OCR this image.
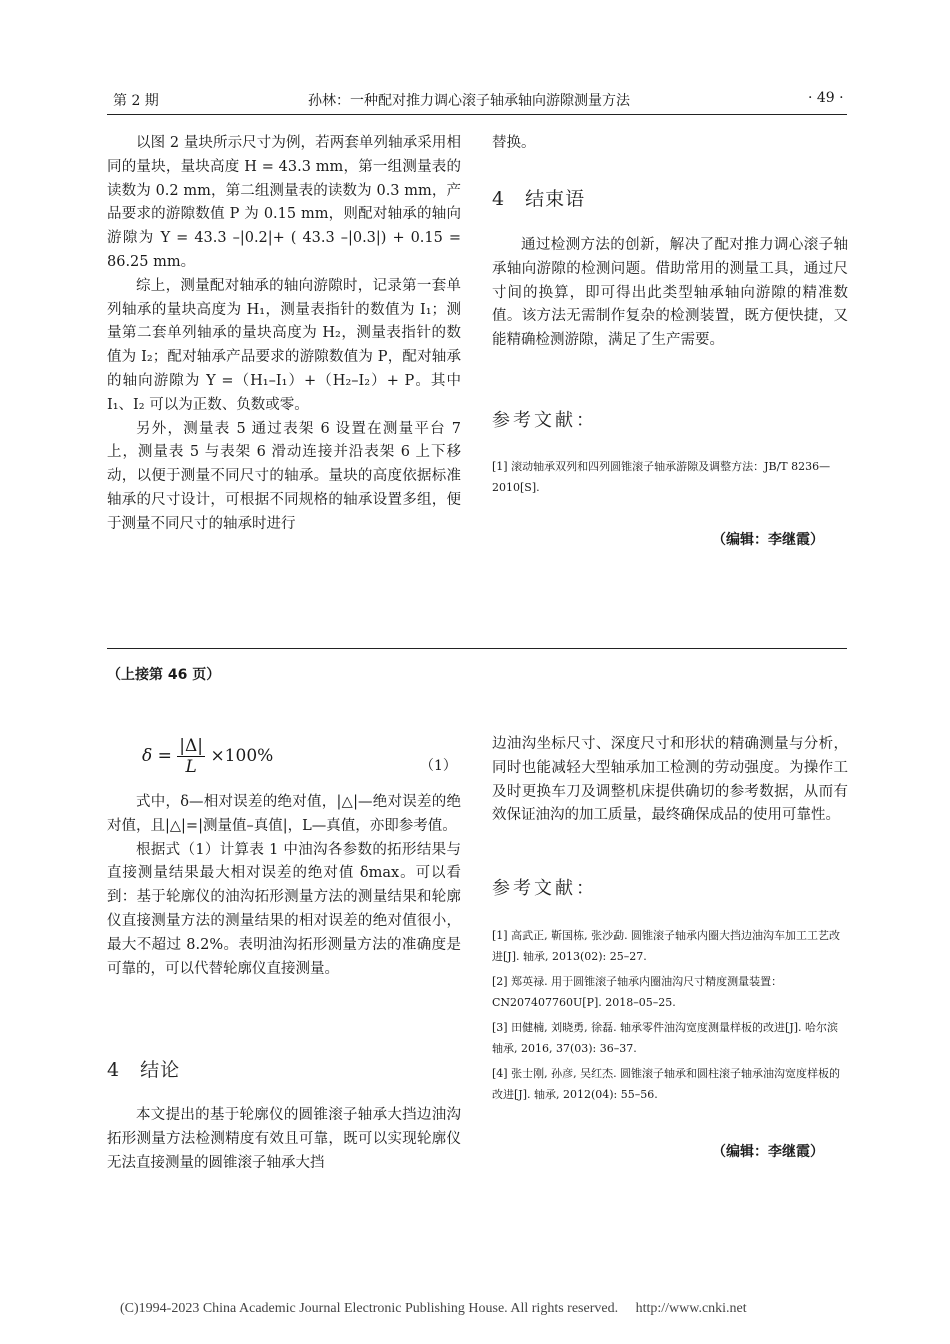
第 2 期	孙林：一种配对推力调心滚子轴承轴向游隙测量方法	· 49 ·

以图 2 量块所示尺寸为例，若两套单列轴承采用相同的量块，量块高度 H = 43.3 mm，第一组测量表的读数为 0.2 mm，第二组测量表的读数为 0.3 mm，产品要求的游隙数值 P 为 0.15 mm，则配对轴承的轴向游隙为 Y = 43.3 –|0.2|+ ( 43.3 –|0.3|) + 0.15 = 86.25 mm。

综上，测量配对轴承的轴向游隙时，记录第一套单列轴承的量块高度为 H₁，测量表指针的数值为 I₁；测量第二套单列轴承的量块高度为 H₂，测量表指针的数值为 I₂；配对轴承产品要求的游隙数值为 P，配对轴承的轴向游隙为 Y =（H₁–I₁）+（H₂–I₂）+ P。其中 I₁、I₂ 可以为正数、负数或零。

另外，测量表 5 通过表架 6 设置在测量平台 7 上，测量表 5 与表架 6 滑动连接并沿表架 6 上下移动，以便于测量不同尺寸的轴承。量块的高度依据标准轴承的尺寸设计，可根据不同规格的轴承设置多组，便于测量不同尺寸的轴承时进行

替换。
4　结束语

通过检测方法的创新，解决了配对推力调心滚子轴承轴向游隙的检测问题。借助常用的测量工具，通过尺寸间的换算，即可得出此类型轴承轴向游隙的精准数值。该方法无需制作复杂的检测装置，既方便快捷，又能精确检测游隙，满足了生产需要。

参考文献：

[1] 滚动轴承双列和四列圆锥滚子轴承游隙及调整方法：JB/T 8236—2010[S].

（编辑：李继霞）
（上接第 46 页）
$\delta = \frac{|\Delta|}{L} \times 100\%$	（1）

式中，δ—相对误差的绝对值，|△|—绝对误差的绝对值，且|△|=|测量值–真值|，L—真值，亦即参考值。

根据式（1）计算表 1 中油沟各参数的拓形结果与直接测量结果最大相对误差的绝对值 δmax。可以看到：基于轮廓仪的油沟拓形测量方法的测量结果和轮廓仪直接测量方法的测量结果的相对误差的绝对值很小，最大不超过 8.2%。表明油沟拓形测量方法的准确度是可靠的，可以代替轮廓仪直接测量。

4　结论

本文提出的基于轮廓仪的圆锥滚子轴承大挡边油沟拓形测量方法检测精度有效且可靠，既可以实现轮廓仪无法直接测量的圆锥滚子轴承大挡

边油沟坐标尺寸、深度尺寸和形状的精确测量与分析，同时也能减轻大型轴承加工检测的劳动强度。为操作工及时更换车刀及调整机床提供确切的参考数据，从而有效保证油沟的加工质量，最终确保成品的使用可靠性。

参考文献：

[1] 高武正, 靳国栋, 张沙勐. 圆锥滚子轴承内圈大挡边油沟车加工工艺改进[J]. 轴承, 2013(02): 25–27.

[2] 郑英禄. 用于圆锥滚子轴承内圈油沟尺寸精度测量装置：CN207407760U[P]. 2018–05–25.

[3] 田健楠, 刘晓勇, 徐磊. 轴承零件油沟宽度测量样板的改进[J]. 哈尔滨轴承, 2016, 37(03): 36–37.

[4] 张士刚, 孙彦, 吴红杰. 圆锥滚子轴承和圆柱滚子轴承油沟宽度样板的改进[J]. 轴承, 2012(04): 55–56.

（编辑：李继霞）
(C)1994-2023 China Academic Journal Electronic Publishing House. All rights reserved.　 http://www.cnki.net
